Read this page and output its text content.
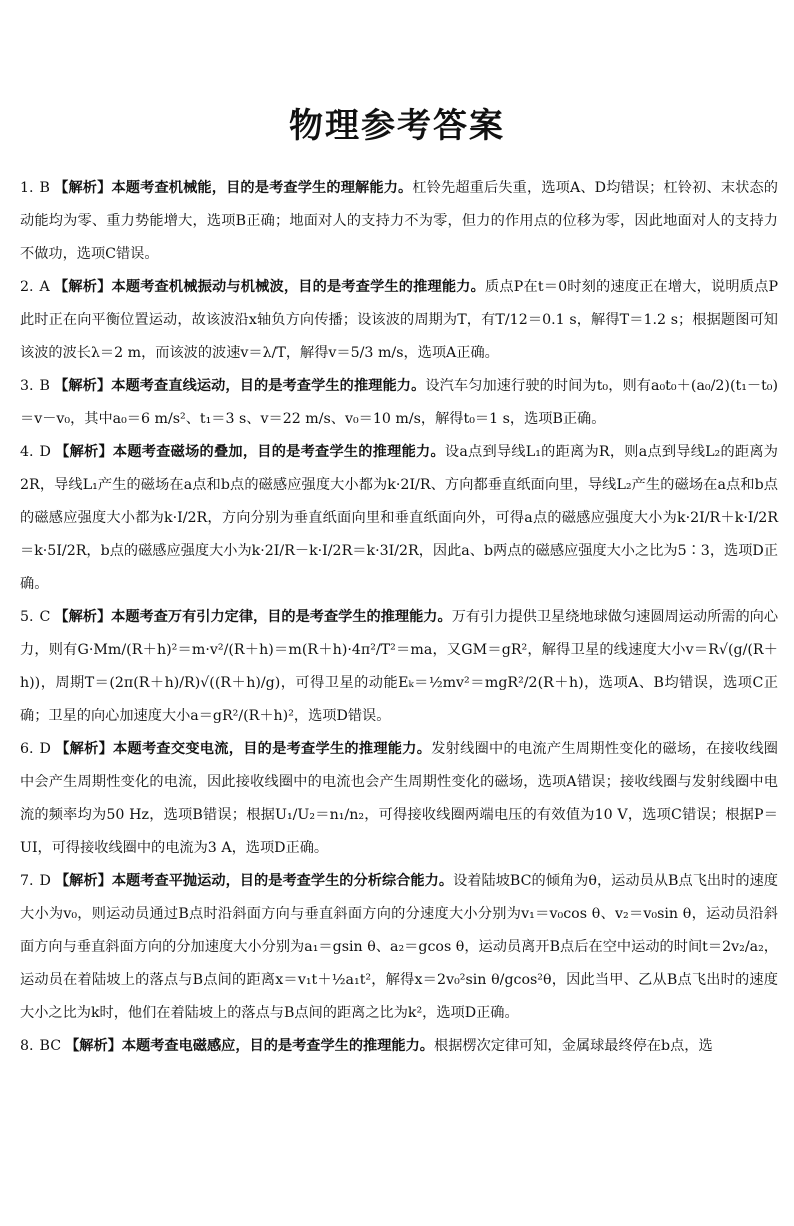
物理参考答案

1. B 【解析】本题考查机械能，目的是考查学生的理解能力。杠铃先超重后失重，选项A、D均错误；杠铃初、末状态的动能均为零、重力势能增大，选项B正确；地面对人的支持力不为零，但力的作用点的位移为零，因此地面对人的支持力不做功，选项C错误。

2. A 【解析】本题考查机械振动与机械波，目的是考查学生的推理能力。质点P在t＝0时刻的速度正在增大，说明质点P此时正在向平衡位置运动，故该波沿x轴负方向传播；设该波的周期为T，有T/12＝0.1 s，解得T＝1.2 s；根据题图可知该波的波长λ＝2 m，而该波的波速v＝λ/T，解得v＝5/3 m/s，选项A正确。

3. B 【解析】本题考查直线运动，目的是考查学生的推理能力。设汽车匀加速行驶的时间为t₀，则有a₀t₀＋(a₀/2)(t₁－t₀)＝v－v₀，其中a₀＝6 m/s²、t₁＝3 s、v＝22 m/s、v₀＝10 m/s，解得t₀＝1 s，选项B正确。

4. D 【解析】本题考查磁场的叠加，目的是考查学生的推理能力。设a点到导线L₁的距离为R，则a点到导线L₂的距离为2R，导线L₁产生的磁场在a点和b点的磁感应强度大小都为k·2I/R、方向都垂直纸面向里，导线L₂产生的磁场在a点和b点的磁感应强度大小都为k·I/2R，方向分别为垂直纸面向里和垂直纸面向外，可得a点的磁感应强度大小为k·2I/R＋k·I/2R＝k·5I/2R，b点的磁感应强度大小为k·2I/R－k·I/2R＝k·3I/2R，因此a、b两点的磁感应强度大小之比为5∶3，选项D正确。

5. C 【解析】本题考查万有引力定律，目的是考查学生的推理能力。万有引力提供卫星绕地球做匀速圆周运动所需的向心力，则有G·Mm/(R＋h)²＝m·v²/(R＋h)＝m(R＋h)·4π²/T²＝ma，又GM＝gR²，解得卫星的线速度大小v＝R√(g/(R＋h))，周期T＝(2π(R＋h)/R)√((R＋h)/g)，可得卫星的动能Eₖ＝½mv²＝mgR²/2(R＋h)，选项A、B均错误，选项C正确；卫星的向心加速度大小a＝gR²/(R＋h)²，选项D错误。

6. D 【解析】本题考查交变电流，目的是考查学生的推理能力。发射线圈中的电流产生周期性变化的磁场，在接收线圈中会产生周期性变化的电流，因此接收线圈中的电流也会产生周期性变化的磁场，选项A错误；接收线圈与发射线圈中电流的频率均为50 Hz，选项B错误；根据U₁/U₂＝n₁/n₂，可得接收线圈两端电压的有效值为10 V，选项C错误；根据P＝UI，可得接收线圈中的电流为3 A，选项D正确。

7. D 【解析】本题考查平抛运动，目的是考查学生的分析综合能力。设着陆坡BC的倾角为θ，运动员从B点飞出时的速度大小为v₀，则运动员通过B点时沿斜面方向与垂直斜面方向的分速度大小分别为v₁＝v₀cos θ、v₂＝v₀sin θ，运动员沿斜面方向与垂直斜面方向的分加速度大小分别为a₁＝gsin θ、a₂＝gcos θ，运动员离开B点后在空中运动的时间t＝2v₂/a₂，运动员在着陆坡上的落点与B点间的距离x＝v₁t＋½a₁t²，解得x＝2v₀²sin θ/gcos²θ，因此当甲、乙从B点飞出时的速度大小之比为k时，他们在着陆坡上的落点与B点间的距离之比为k²，选项D正确。

8. BC 【解析】本题考查电磁感应，目的是考查学生的推理能力。根据楞次定律可知，金属球最终停在b点，选
